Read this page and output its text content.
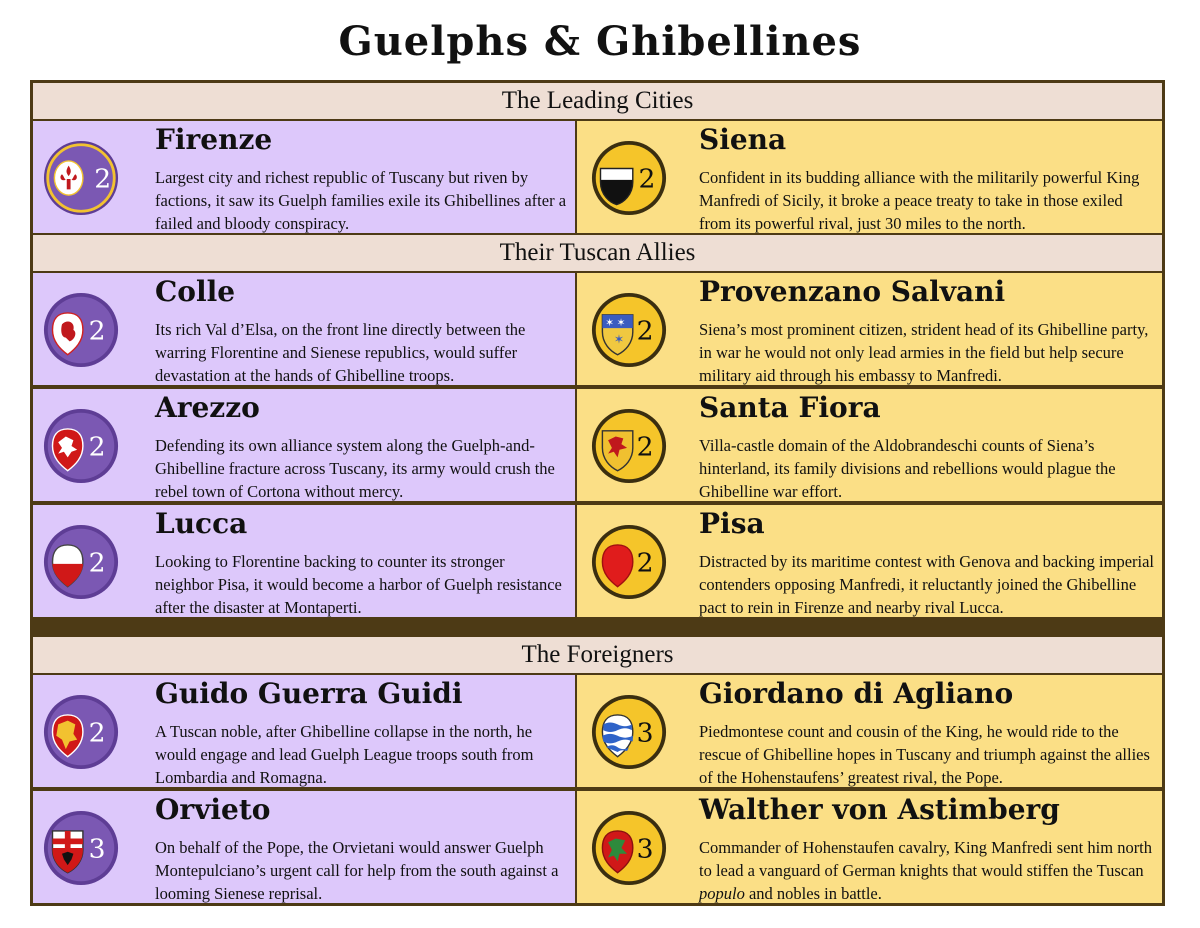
Guelphs & Ghibellines
The Leading Cities
2
Firenze
Largest city and richest republic of Tuscany but riven by factions, it saw its Guelph families exile its Ghibellines after a failed and bloody conspiracy.
2
Siena
Confident in its budding alliance with the militarily powerful King Manfredi of Sicily, it broke a peace treaty to take in those exiled from its powerful rival, just 30 miles to the north.
Their Tuscan Allies
2
Colle
Its rich Val d’Elsa, on the front line directly between the warring Florentine and Sienese republics, would suffer devastation at the hands of Ghibelline troops.
✶ ✶
✶ 2
Provenzano Salvani
Siena’s most prominent citizen, strident head of its Ghibelline party, in war he would not only lead armies in the field but help secure military aid through his embassy to Manfredi.
2
Arezzo
Defending its own alliance system along the Guelph-and-Ghibelline fracture across Tuscany, its army would crush the rebel town of Cortona without mercy.
2
Santa Fiora
Villa-castle domain of the Aldobrandeschi counts of Siena’s hinterland, its family divisions and rebellions would plague the Ghibelline war effort.
2
Lucca
Looking to Florentine backing to counter its stronger neighbor Pisa, it would become a harbor of Guelph resistance after the disaster at Montaperti.
2
Pisa
Distracted by its maritime contest with Genova and backing imperial contenders opposing Manfredi, it reluctantly joined the Ghibelline pact to rein in Firenze and nearby rival Lucca.
The Foreigners
2
Guido Guerra Guidi
A Tuscan noble, after Ghibelline collapse in the north, he would engage and lead Guelph League troops south from Lombardia and Romagna.
3
Giordano di Agliano
Piedmontese count and cousin of the King, he would ride to the rescue of Ghibelline hopes in Tuscany and triumph against the allies of the Hohenstaufens’ greatest rival, the Pope.
3
Orvieto
On behalf of the Pope, the Orvietani would answer Guelph Montepulciano’s urgent call for help from the south against a looming Sienese reprisal.
3
Walther von Astimberg
Commander of Hohenstaufen cavalry, King Manfredi sent him north to lead a vanguard of German knights that would stiffen the Tuscan populo and nobles in battle.
